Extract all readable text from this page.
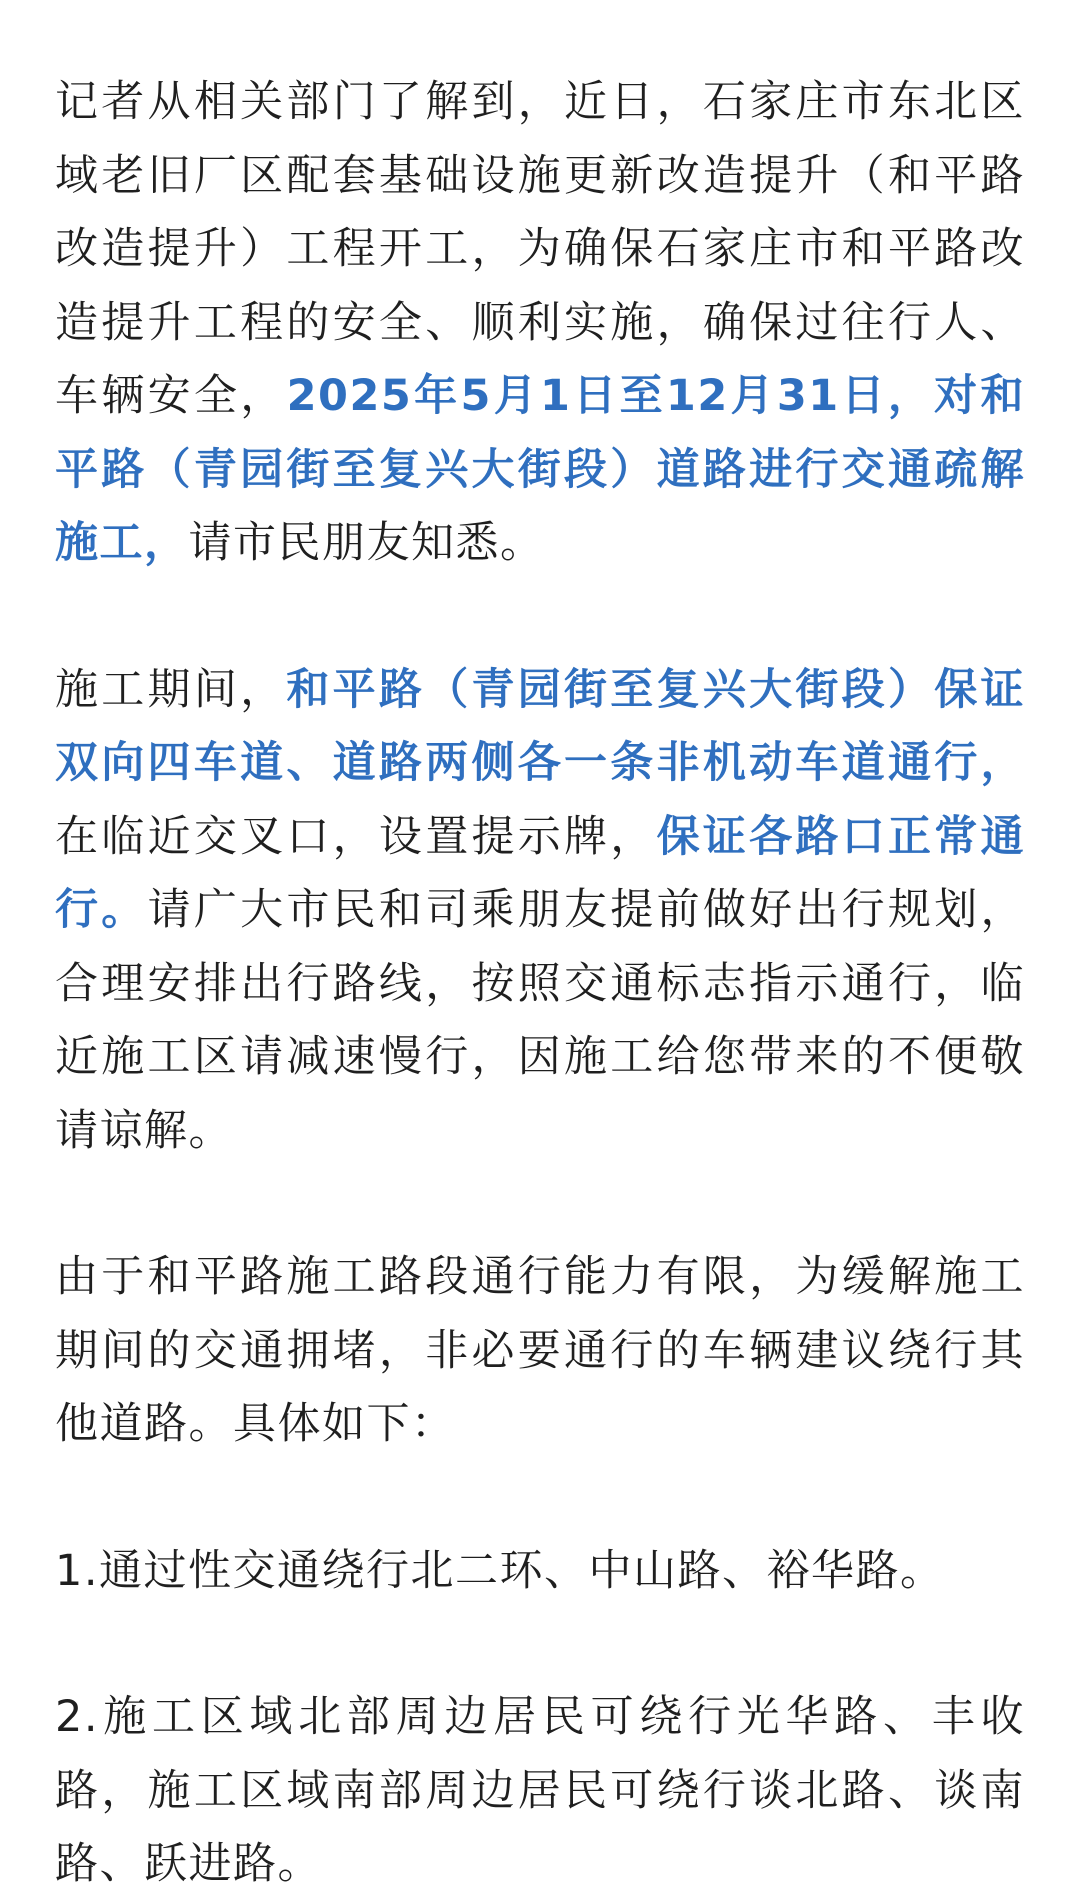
记者从相关部门了解到，近日，石家庄市东北区域老旧厂区配套基础设施更新改造提升（和平路改造提升）工程开工，为确保石家庄市和平路改造提升工程的安全、顺利实施，确保过往行人、车辆安全，2025年5月1日至12月31日，对和平路（青园街至复兴大街段）道路进行交通疏解施工，请市民朋友知悉。

施工期间，和平路（青园街至复兴大街段）保证双向四车道、道路两侧各一条非机动车道通行，在临近交叉口，设置提示牌，保证各路口正常通行。请广大市民和司乘朋友提前做好出行规划，合理安排出行路线，按照交通标志指示通行，临近施工区请减速慢行，因施工给您带来的不便敬请谅解。

由于和平路施工路段通行能力有限，为缓解施工期间的交通拥堵，非必要通行的车辆建议绕行其他道路。具体如下：

1.通过性交通绕行北二环、中山路、裕华路。

2.施工区域北部周边居民可绕行光华路、丰收路，施工区域南部周边居民可绕行谈北路、谈南路、跃进路。
